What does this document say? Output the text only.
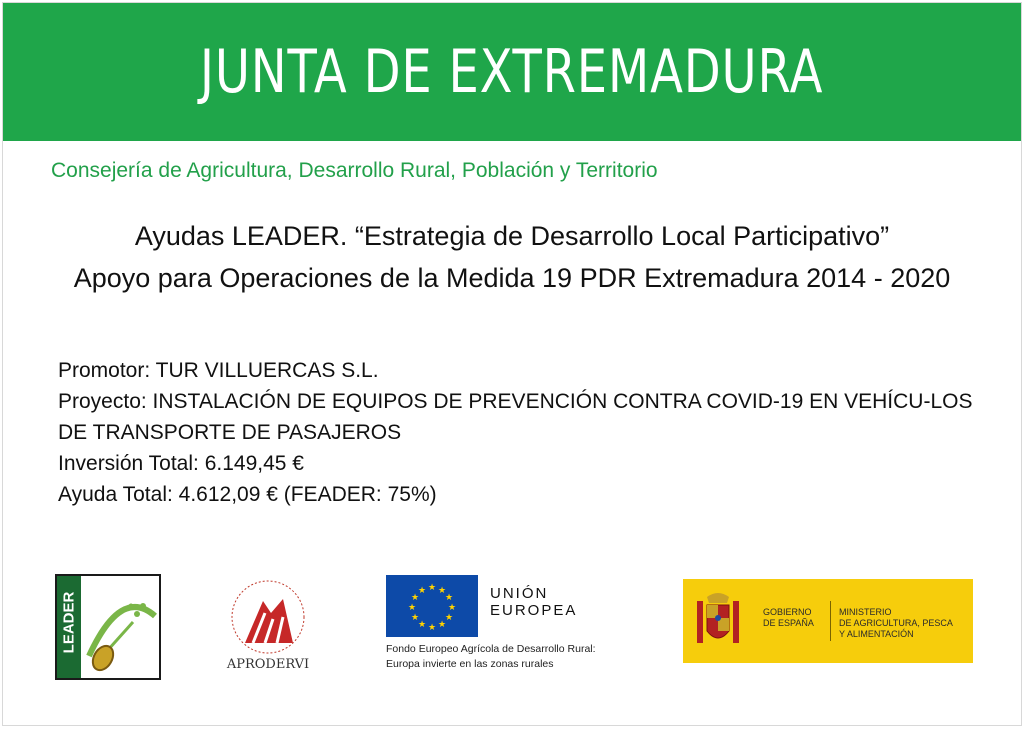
JUNTA DE EXTREMADURA
Consejería de Agricultura, Desarrollo Rural, Población y Territorio
Ayudas LEADER. “Estrategia de Desarrollo Local Participativo”
Apoyo para Operaciones de la Medida 19 PDR Extremadura 2014 - 2020
Promotor: TUR VILLUERCAS S.L.
Proyecto: INSTALACIÓN DE EQUIPOS DE PREVENCIÓN CONTRA COVID-19 EN VEHÍCU-LOS DE TRANSPORTE DE PASAJEROS
Inversión Total: 6.149,45 €
Ayuda Total: 4.612,09 € (FEADER: 75%)
LEADER
APRODERVI
★ ★
★
★
★
★
★
★
★
★
★
★	UNIÓN EUROPEA
Fondo Europeo Agrícola de Desarrollo Rural:
Europa invierte en las zonas rurales
GOBIERNO
DE ESPAÑA
MINISTERIO
DE AGRICULTURA, PESCA
Y ALIMENTACIÓN
